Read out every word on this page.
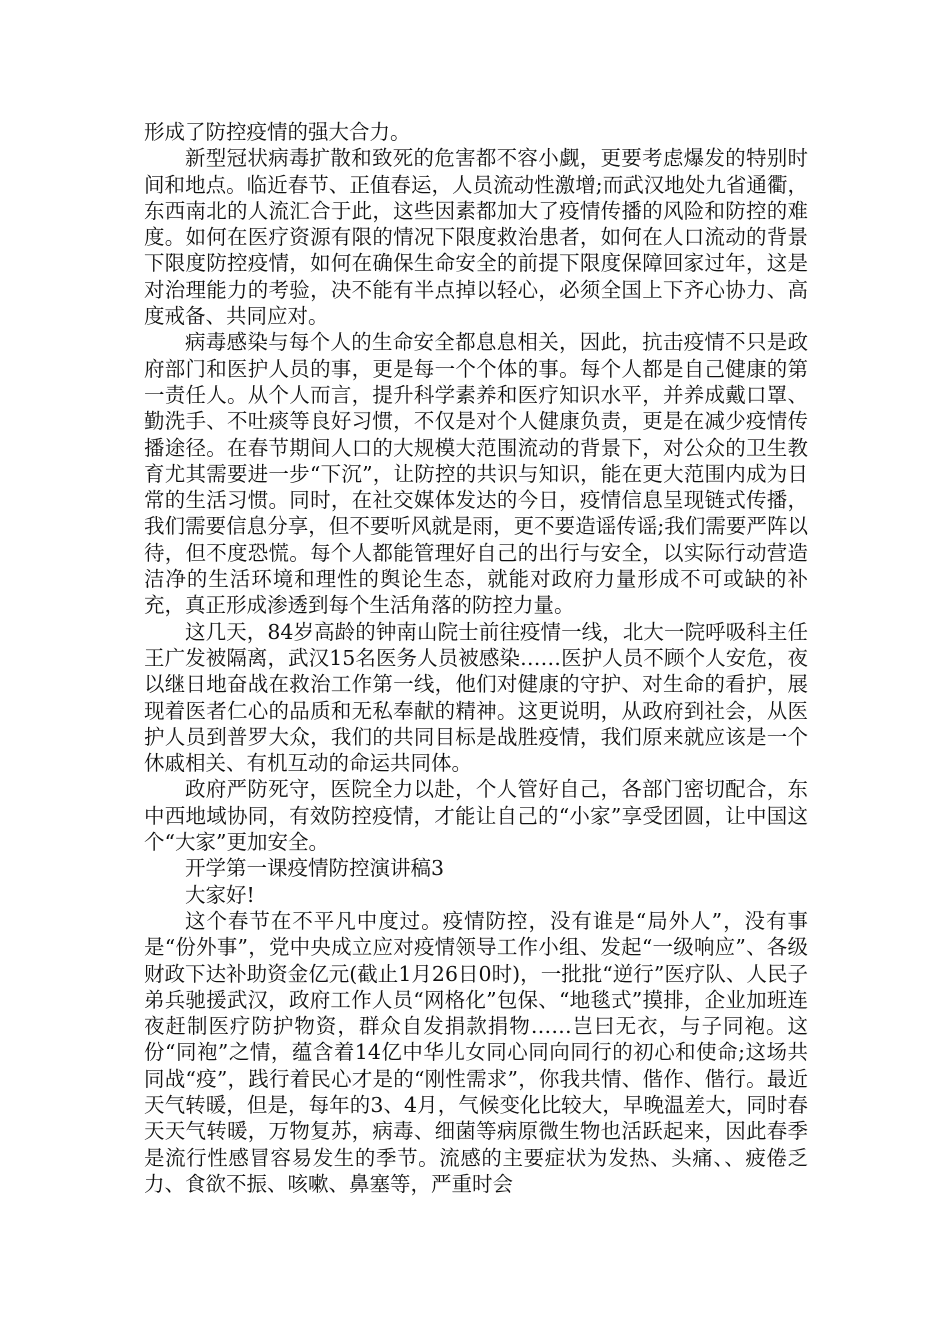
形成了防控疫情的强大合力。

新型冠状病毒扩散和致死的危害都不容小觑，更要考虑爆发的特别时间和地点。临近春节、正值春运，人员流动性激增;而武汉地处九省通衢，东西南北的人流汇合于此，这些因素都加大了疫情传播的风险和防控的难度。如何在医疗资源有限的情况下限度救治患者，如何在人口流动的背景下限度防控疫情，如何在确保生命安全的前提下限度保障回家过年，这是对治理能力的考验，决不能有半点掉以轻心，必须全国上下齐心协力、高度戒备、共同应对。

病毒感染与每个人的生命安全都息息相关，因此，抗击疫情不只是政府部门和医护人员的事，更是每一个个体的事。每个人都是自己健康的第一责任人。从个人而言，提升科学素养和医疗知识水平，并养成戴口罩、勤洗手、不吐痰等良好习惯，不仅是对个人健康负责，更是在减少疫情传播途径。在春节期间人口的大规模大范围流动的背景下，对公众的卫生教育尤其需要进一步“下沉”，让防控的共识与知识，能在更大范围内成为日常的生活习惯。同时，在社交媒体发达的今日，疫情信息呈现链式传播，我们需要信息分享，但不要听风就是雨，更不要造谣传谣;我们需要严阵以待，但不度恐慌。每个人都能管理好自己的出行与安全，以实际行动营造洁净的生活环境和理性的舆论生态，就能对政府力量形成不可或缺的补充，真正形成渗透到每个生活角落的防控力量。

这几天，84岁高龄的钟南山院士前往疫情一线，北大一院呼吸科主任王广发被隔离，武汉15名医务人员被感染……医护人员不顾个人安危，夜以继日地奋战在救治工作第一线，他们对健康的守护、对生命的看护，展现着医者仁心的品质和无私奉献的精神。这更说明，从政府到社会，从医护人员到普罗大众，我们的共同目标是战胜疫情，我们原来就应该是一个休戚相关、有机互动的命运共同体。

政府严防死守，医院全力以赴，个人管好自己，各部门密切配合，东中西地域协同，有效防控疫情，才能让自己的“小家”享受团圆，让中国这个“大家”更加安全。

开学第一课疫情防控演讲稿3

大家好!

这个春节在不平凡中度过。疫情防控，没有谁是“局外人”，没有事是“份外事”，党中央成立应对疫情领导工作小组、发起“一级响应”、各级财政下达补助资金亿元(截止1月26日0时)，一批批“逆行”医疗队、人民子弟兵驰援武汉，政府工作人员“网格化”包保、“地毯式”摸排，企业加班连夜赶制医疗防护物资，群众自发捐款捐物……岂曰无衣，与子同袍。这份“同袍”之情，蕴含着14亿中华儿女同心同向同行的初心和使命;这场共同战“疫”，践行着民心才是的“刚性需求”，你我共情、偕作、偕行。最近天气转暖，但是，每年的3、4月，气候变化比较大，早晚温差大，同时春天天气转暖，万物复苏，病毒、细菌等病原微生物也活跃起来，因此春季是流行性感冒容易发生的季节。流感的主要症状为发热、头痛、、疲倦乏力、食欲不振、咳嗽、鼻塞等，严重时会
